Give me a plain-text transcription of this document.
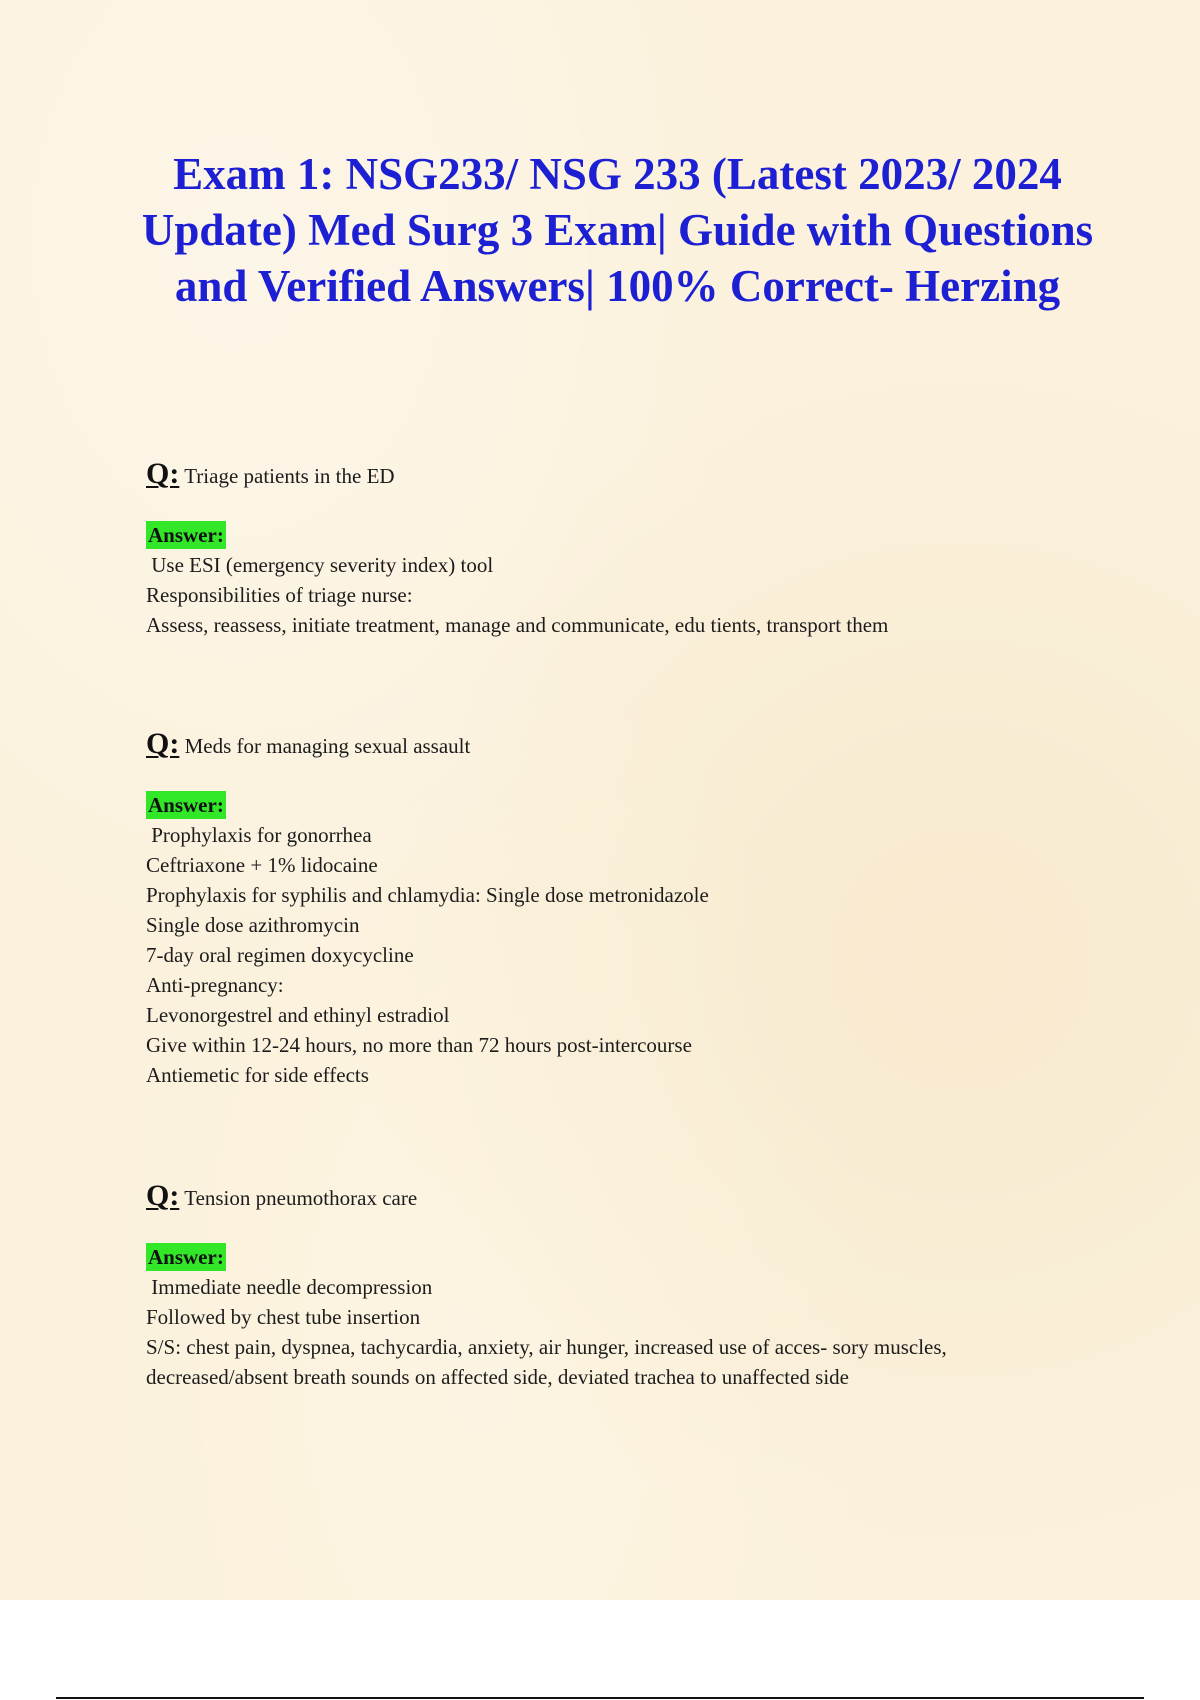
Exam 1: NSG233/ NSG 233 (Latest 2023/ 2024 Update) Med Surg 3 Exam| Guide with Questions and Verified Answers| 100% Correct- Herzing
Q: Triage patients in the ED
Answer:
Use ESI (emergency severity index) tool
Responsibilities of triage nurse:
Assess, reassess, initiate treatment, manage and communicate, edu tients, transport them
Q: Meds for managing sexual assault
Answer:
Prophylaxis for gonorrhea
Ceftriaxone + 1% lidocaine
Prophylaxis for syphilis and chlamydia: Single dose metronidazole
Single dose azithromycin
7-day oral regimen doxycycline
Anti-pregnancy:
Levonorgestrel and ethinyl estradiol
Give within 12-24 hours, no more than 72 hours post-intercourse
Antiemetic for side effects
Q: Tension pneumothorax care
Answer:
Immediate needle decompression
Followed by chest tube insertion
S/S: chest pain, dyspnea, tachycardia, anxiety, air hunger, increased use of acces- sory muscles,
decreased/absent breath sounds on affected side, deviated trachea to unaffected side
